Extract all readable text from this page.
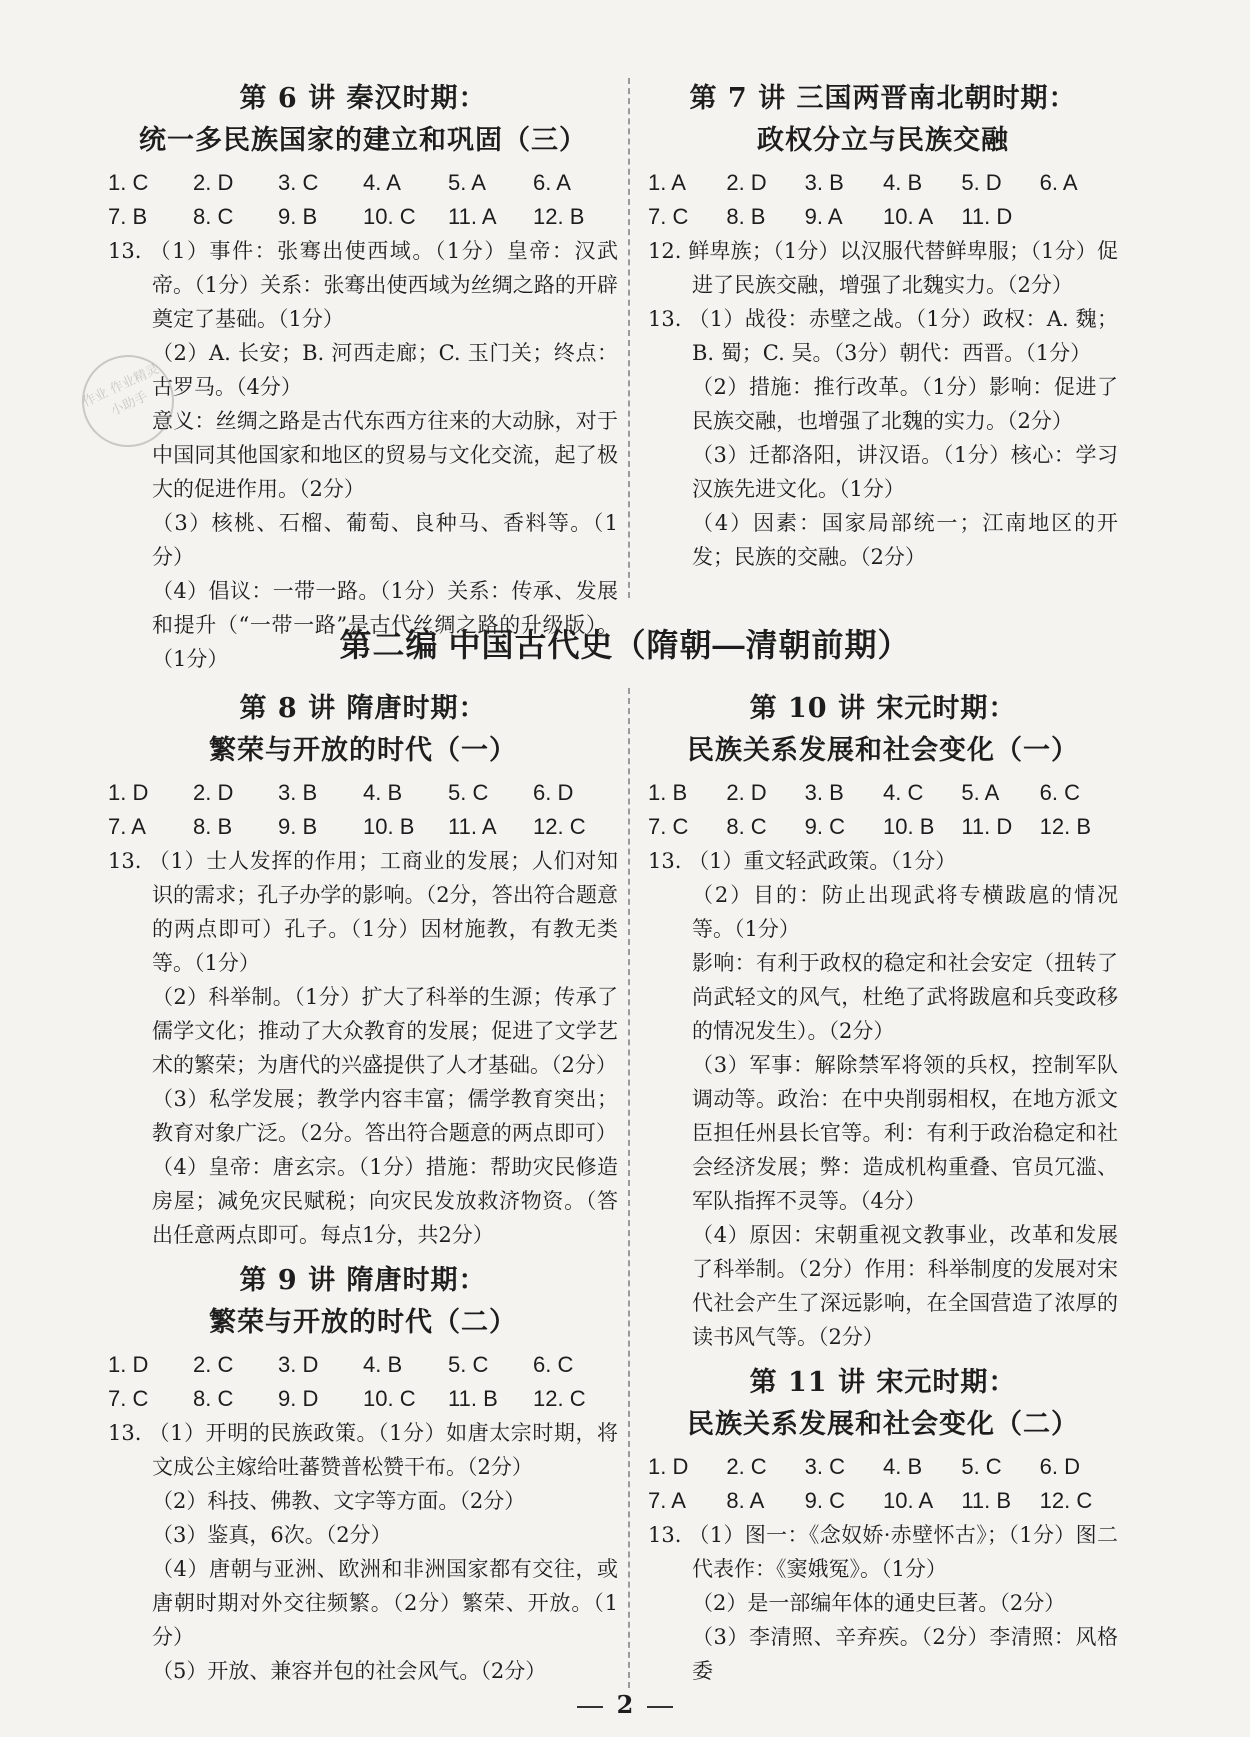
第 6 讲 秦汉时期：
统一多民族国家的建立和巩固（三）
1. C	2. D	3. C	4. A	5. A	6. A
7. B	8. C	9. B	10. C	11. A	12. B

13. （1）事件：张骞出使西域。（1分）皇帝：汉武帝。（1分）关系：张骞出使西域为丝绸之路的开辟奠定了基础。（1分）

（2）A. 长安；B. 河西走廊；C. 玉门关；终点：古罗马。（4分）

意义：丝绸之路是古代东西方往来的大动脉，对于中国同其他国家和地区的贸易与文化交流，起了极大的促进作用。（2分）

（3）核桃、石榴、葡萄、良种马、香料等。（1分）

（4）倡议：一带一路。（1分）关系：传承、发展和提升（“一带一路”是古代丝绸之路的升级版）。（1分）

第 7 讲 三国两晋南北朝时期：
政权分立与民族交融
1. A	2. D	3. B	4. B	5. D	6. A
7. C	8. B	9. A	10. A	11. D

12. 鲜卑族；（1分）以汉服代替鲜卑服；（1分）促进了民族交融，增强了北魏实力。（2分）

13. （1）战役：赤壁之战。（1分）政权：A. 魏；B. 蜀；C. 吴。（3分）朝代：西晋。（1分）

（2）措施：推行改革。（1分）影响：促进了民族交融，也增强了北魏的实力。（2分）

（3）迁都洛阳，讲汉语。（1分）核心：学习汉族先进文化。（1分）

（4）因素：国家局部统一；江南地区的开发；民族的交融。（2分）

作业 作业精灵小助手
第二编 中国古代史（隋朝—清朝前期）
第 8 讲 隋唐时期：
繁荣与开放的时代（一）
1. D	2. D	3. B	4. B	5. C	6. D
7. A	8. B	9. B	10. B	11. A	12. C

13. （1）士人发挥的作用；工商业的发展；人们对知识的需求；孔子办学的影响。（2分，答出符合题意的两点即可）孔子。（1分）因材施教，有教无类等。（1分）

（2）科举制。（1分）扩大了科举的生源；传承了儒学文化；推动了大众教育的发展；促进了文学艺术的繁荣；为唐代的兴盛提供了人才基础。（2分）

（3）私学发展；教学内容丰富；儒学教育突出；教育对象广泛。（2分。答出符合题意的两点即可）

（4）皇帝：唐玄宗。（1分）措施：帮助灾民修造房屋；减免灾民赋税；向灾民发放救济物资。（答出任意两点即可。每点1分，共2分）

第 9 讲 隋唐时期：
繁荣与开放的时代（二）
1. D	2. C	3. D	4. B	5. C	6. C
7. C	8. C	9. D	10. C	11. B	12. C

13. （1）开明的民族政策。（1分）如唐太宗时期，将文成公主嫁给吐蕃赞普松赞干布。（2分）

（2）科技、佛教、文字等方面。（2分）

（3）鉴真，6次。（2分）

（4）唐朝与亚洲、欧洲和非洲国家都有交往，或唐朝时期对外交往频繁。（2分）繁荣、开放。（1分）

（5）开放、兼容并包的社会风气。（2分）

第 10 讲 宋元时期：
民族关系发展和社会变化（一）
1. B	2. D	3. B	4. C	5. A	6. C
7. C	8. C	9. C	10. B	11. D	12. B

13. （1）重文轻武政策。（1分）

（2）目的：防止出现武将专横跋扈的情况等。（1分）

影响：有利于政权的稳定和社会安定（扭转了尚武轻文的风气，杜绝了武将跋扈和兵变政移的情况发生）。（2分）

（3）军事：解除禁军将领的兵权，控制军队调动等。政治：在中央削弱相权，在地方派文臣担任州县长官等。利：有利于政治稳定和社会经济发展；弊：造成机构重叠、官员冗滥、军队指挥不灵等。（4分）

（4）原因：宋朝重视文教事业，改革和发展了科举制。（2分）作用：科举制度的发展对宋代社会产生了深远影响，在全国营造了浓厚的读书风气等。（2分）

第 11 讲 宋元时期：
民族关系发展和社会变化（二）
1. D	2. C	3. C	4. B	5. C	6. D
7. A	8. A	9. C	10. A	11. B	12. C

13. （1）图一：《念奴娇·赤壁怀古》；（1分）图二代表作：《窦娥冤》。（1分）

（2）是一部编年体的通史巨著。（2分）

（3）李清照、辛弃疾。（2分）李清照：风格委

2
